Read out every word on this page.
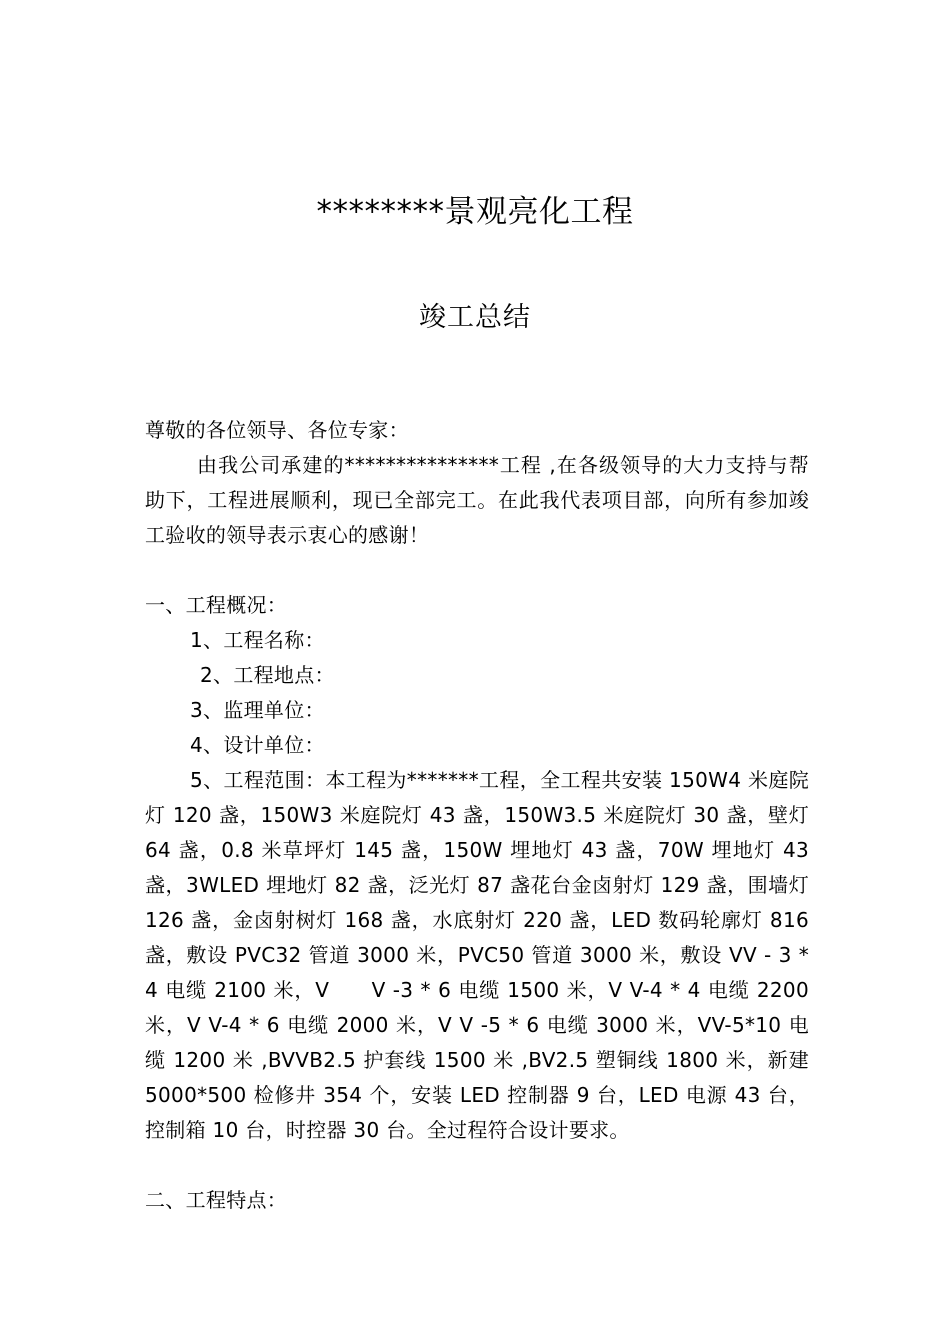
********景观亮化工程
竣工总结
尊敬的各位领导、各位专家：
由我公司承建的***************工程 ,在各级领导的大力支持与帮助下，工程进展顺利，现已全部完工。在此我代表项目部，向所有参加竣工验收的领导表示衷心的感谢！
一、工程概况：
1、工程名称：
2、工程地点：
3、监理单位：
4、设计单位：
5、工程范围：本工程为*******工程，全工程共安装 150W4 米庭院灯 120 盏，150W3 米庭院灯 43 盏，150W3.5 米庭院灯 30 盏，壁灯 64 盏，0.8 米草坪灯 145 盏，150W 埋地灯 43 盏，70W 埋地灯 43 盏，3WLED 埋地灯 82 盏，泛光灯 87 盏花台金卤射灯 129 盏，围墙灯 126 盏，金卤射树灯 168 盏，水底射灯 220 盏，LED 数码轮廓灯 816 盏，敷设 PVC32 管道 3000 米，PVC50 管道 3000 米，敷设 VV - 3 * 4 电缆 2100 米，V　　V -3 * 6 电缆 1500 米，V V-4 * 4 电缆 2200 米，V V-4 * 6 电缆 2000 米，V V -5 * 6 电缆 3000 米，VV-5*10 电缆 1200 米 ,BVVB2.5 护套线 1500 米 ,BV2.5 塑铜线 1800 米，新建 5000*500 检修井 354 个，安装 LED 控制器 9 台，LED 电源 43 台，控制箱 10 台，时控器 30 台。全过程符合设计要求。
二、工程特点：
